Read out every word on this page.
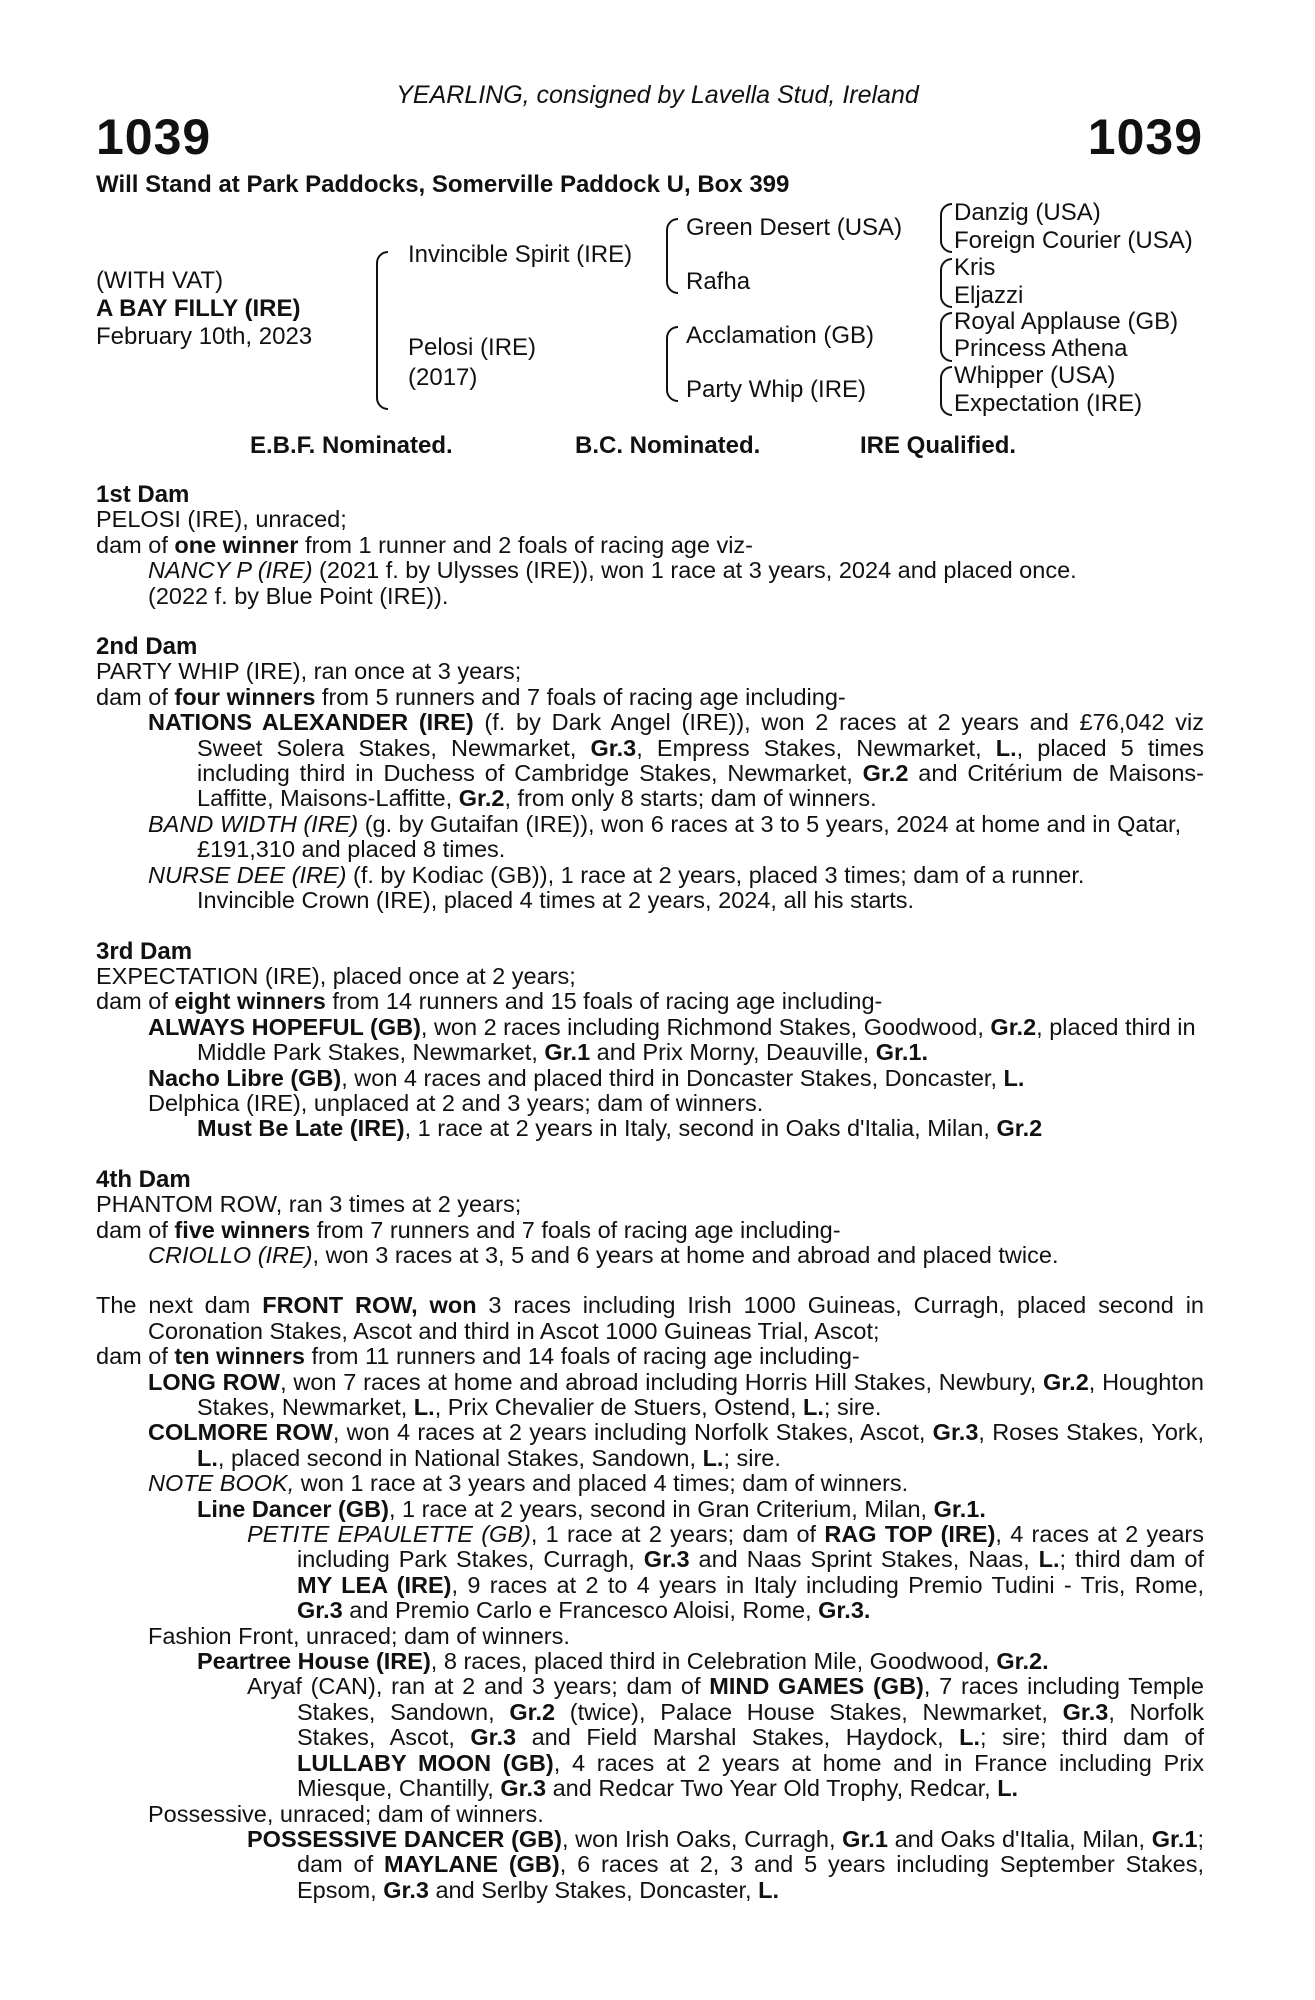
YEARLING, consigned by Lavella Stud, Ireland
1039	1039
Will Stand at Park Paddocks, Somerville Paddock U, Box 399
(WITH VAT)
A BAY FILLY (IRE)
February 10th, 2023
Invincible Spirit (IRE)
Pelosi (IRE)
(2017)
Green Desert (USA)
Rafha
Acclamation (GB)
Party Whip (IRE)
Danzig (USA)
Foreign Courier (USA)
Kris
Eljazzi
Royal Applause (GB)
Princess Athena
Whipper (USA)
Expectation (IRE)
E.B.F. Nominated.	B.C. Nominated.	IRE Qualified.

1st Dam

PELOSI (IRE), unraced;

dam of one winner from 1 runner and 2 foals of racing age viz-

NANCY P (IRE) (2021 f. by Ulysses (IRE)), won 1 race at 3 years, 2024 and placed once.

(2022 f. by Blue Point (IRE)).

2nd Dam

PARTY WHIP (IRE), ran once at 3 years;

dam of four winners from 5 runners and 7 foals of racing age including-

NATIONS ALEXANDER (IRE) (f. by Dark Angel (IRE)), won 2 races at 2 years and £76,042 viz Sweet Solera Stakes, Newmarket, Gr.3, Empress Stakes, Newmarket, L., placed 5 times including third in Duchess of Cambridge Stakes, Newmarket, Gr.2 and Critérium de Maisons-Laffitte, Maisons-Laffitte, Gr.2, from only 8 starts; dam of winners.

BAND WIDTH (IRE) (g. by Gutaifan (IRE)), won 6 races at 3 to 5 years, 2024 at home and in Qatar, £191,310 and placed 8 times.

NURSE DEE (IRE) (f. by Kodiac (GB)), 1 race at 2 years, placed 3 times; dam of a runner.

Invincible Crown (IRE), placed 4 times at 2 years, 2024, all his starts.

3rd Dam

EXPECTATION (IRE), placed once at 2 years;

dam of eight winners from 14 runners and 15 foals of racing age including-

ALWAYS HOPEFUL (GB), won 2 races including Richmond Stakes, Goodwood, Gr.2, placed third in Middle Park Stakes, Newmarket, Gr.1 and Prix Morny, Deauville, Gr.1.

Nacho Libre (GB), won 4 races and placed third in Doncaster Stakes, Doncaster, L.

Delphica (IRE), unplaced at 2 and 3 years; dam of winners.

Must Be Late (IRE), 1 race at 2 years in Italy, second in Oaks d'Italia, Milan, Gr.2

4th Dam

PHANTOM ROW, ran 3 times at 2 years;

dam of five winners from 7 runners and 7 foals of racing age including-

CRIOLLO (IRE), won 3 races at 3, 5 and 6 years at home and abroad and placed twice.

The next dam FRONT ROW, won 3 races including Irish 1000 Guineas, Curragh, placed second in Coronation Stakes, Ascot and third in Ascot 1000 Guineas Trial, Ascot;

dam of ten winners from 11 runners and 14 foals of racing age including-

LONG ROW, won 7 races at home and abroad including Horris Hill Stakes, Newbury, Gr.2, Houghton Stakes, Newmarket, L., Prix Chevalier de Stuers, Ostend, L.; sire.

COLMORE ROW, won 4 races at 2 years including Norfolk Stakes, Ascot, Gr.3, Roses Stakes, York, L., placed second in National Stakes, Sandown, L.; sire.

NOTE BOOK, won 1 race at 3 years and placed 4 times; dam of winners.

Line Dancer (GB), 1 race at 2 years, second in Gran Criterium, Milan, Gr.1.

PETITE EPAULETTE (GB), 1 race at 2 years; dam of RAG TOP (IRE), 4 races at 2 years including Park Stakes, Curragh, Gr.3 and Naas Sprint Stakes, Naas, L.; third dam of MY LEA (IRE), 9 races at 2 to 4 years in Italy including Premio Tudini - Tris, Rome, Gr.3 and Premio Carlo e Francesco Aloisi, Rome, Gr.3.

Fashion Front, unraced; dam of winners.

Peartree House (IRE), 8 races, placed third in Celebration Mile, Goodwood, Gr.2.

Aryaf (CAN), ran at 2 and 3 years; dam of MIND GAMES (GB), 7 races including Temple Stakes, Sandown, Gr.2 (twice), Palace House Stakes, Newmarket, Gr.3, Norfolk Stakes, Ascot, Gr.3 and Field Marshal Stakes, Haydock, L.; sire; third dam of LULLABY MOON (GB), 4 races at 2 years at home and in France including Prix Miesque, Chantilly, Gr.3 and Redcar Two Year Old Trophy, Redcar, L.

Possessive, unraced; dam of winners.

POSSESSIVE DANCER (GB), won Irish Oaks, Curragh, Gr.1 and Oaks d'Italia, Milan, Gr.1; dam of MAYLANE (GB), 6 races at 2, 3 and 5 years including September Stakes, Epsom, Gr.3 and Serlby Stakes, Doncaster, L.
